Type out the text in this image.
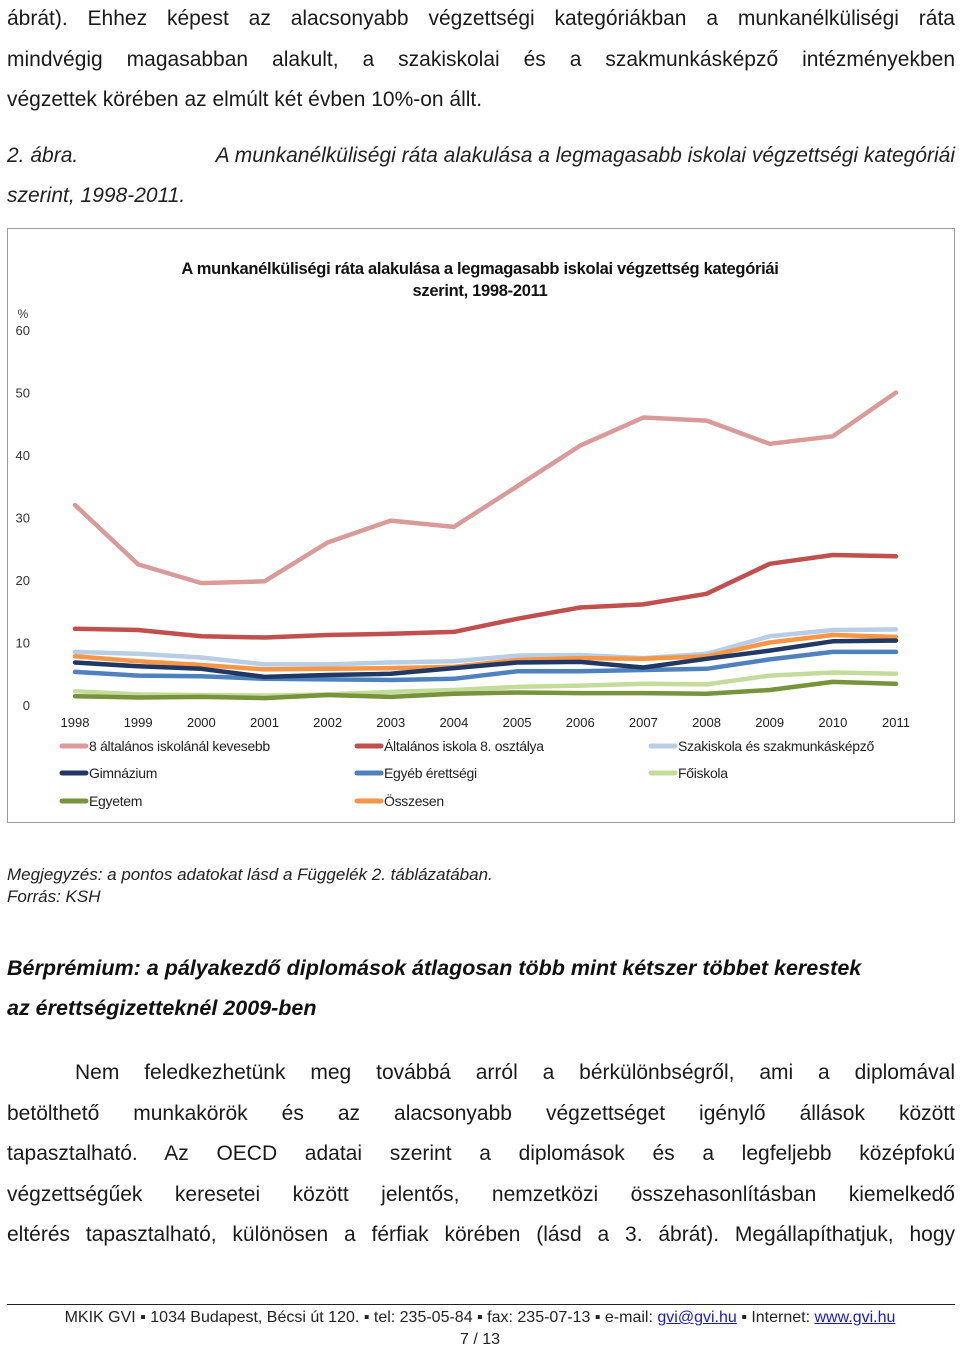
ábrát). Ehhez képest az alacsonyabb végzettségi kategóriákban a munkanélküliségi ráta
mindvégig magasabban alakult, a szakiskolai és a szakmunkásképző intézményekben
végzettek körében az elmúlt két évben 10%-on állt.
2. ábra.	A munkanélküliségi ráta alakulása a legmagasabb iskolai végzettségi kategóriái
szerint, 1998-2011.
A munkanélküliségi ráta alakulása a legmagasabb iskolai végzettség kategóriái
szerint, 1998-2011
%
0
10
20
30
40
50
60
1998	1999	2000	2001	2002	2003	2004	2005	2006	2007	2008	2009	2010	2011
8 általános iskolánál kevesebb	Általános iskola 8. osztálya	Szakiskola és szakmunkásképző
Gimnázium	Egyéb érettségi	Főiskola
Egyetem	Összesen
Megjegyzés: a pontos adatokat lásd a Függelék 2. táblázatában.
Forrás: KSH
Bérprémium: a pályakezdő diplomások átlagosan több mint kétszer többet kerestek
az érettségizetteknél 2009-ben
Nem feledkezhetünk meg továbbá arról a bérkülönbségről, ami a diplomával
betölthető munkakörök és az alacsonyabb végzettséget igénylő állások között
tapasztalható. Az OECD adatai szerint a diplomások és a legfeljebb középfokú
végzettségűek keresetei között jelentős, nemzetközi összehasonlításban kiemelkedő
eltérés tapasztalható, különösen a férfiak körében (lásd a 3. ábrát). Megállapíthatjuk, hogy
MKIK GVI ▪ 1034 Budapest, Bécsi út 120. ▪ tel: 235-05-84 ▪ fax: 235-07-13 ▪ e-mail: gvi@gvi.hu ▪ Internet: www.gvi.hu
7 / 13
